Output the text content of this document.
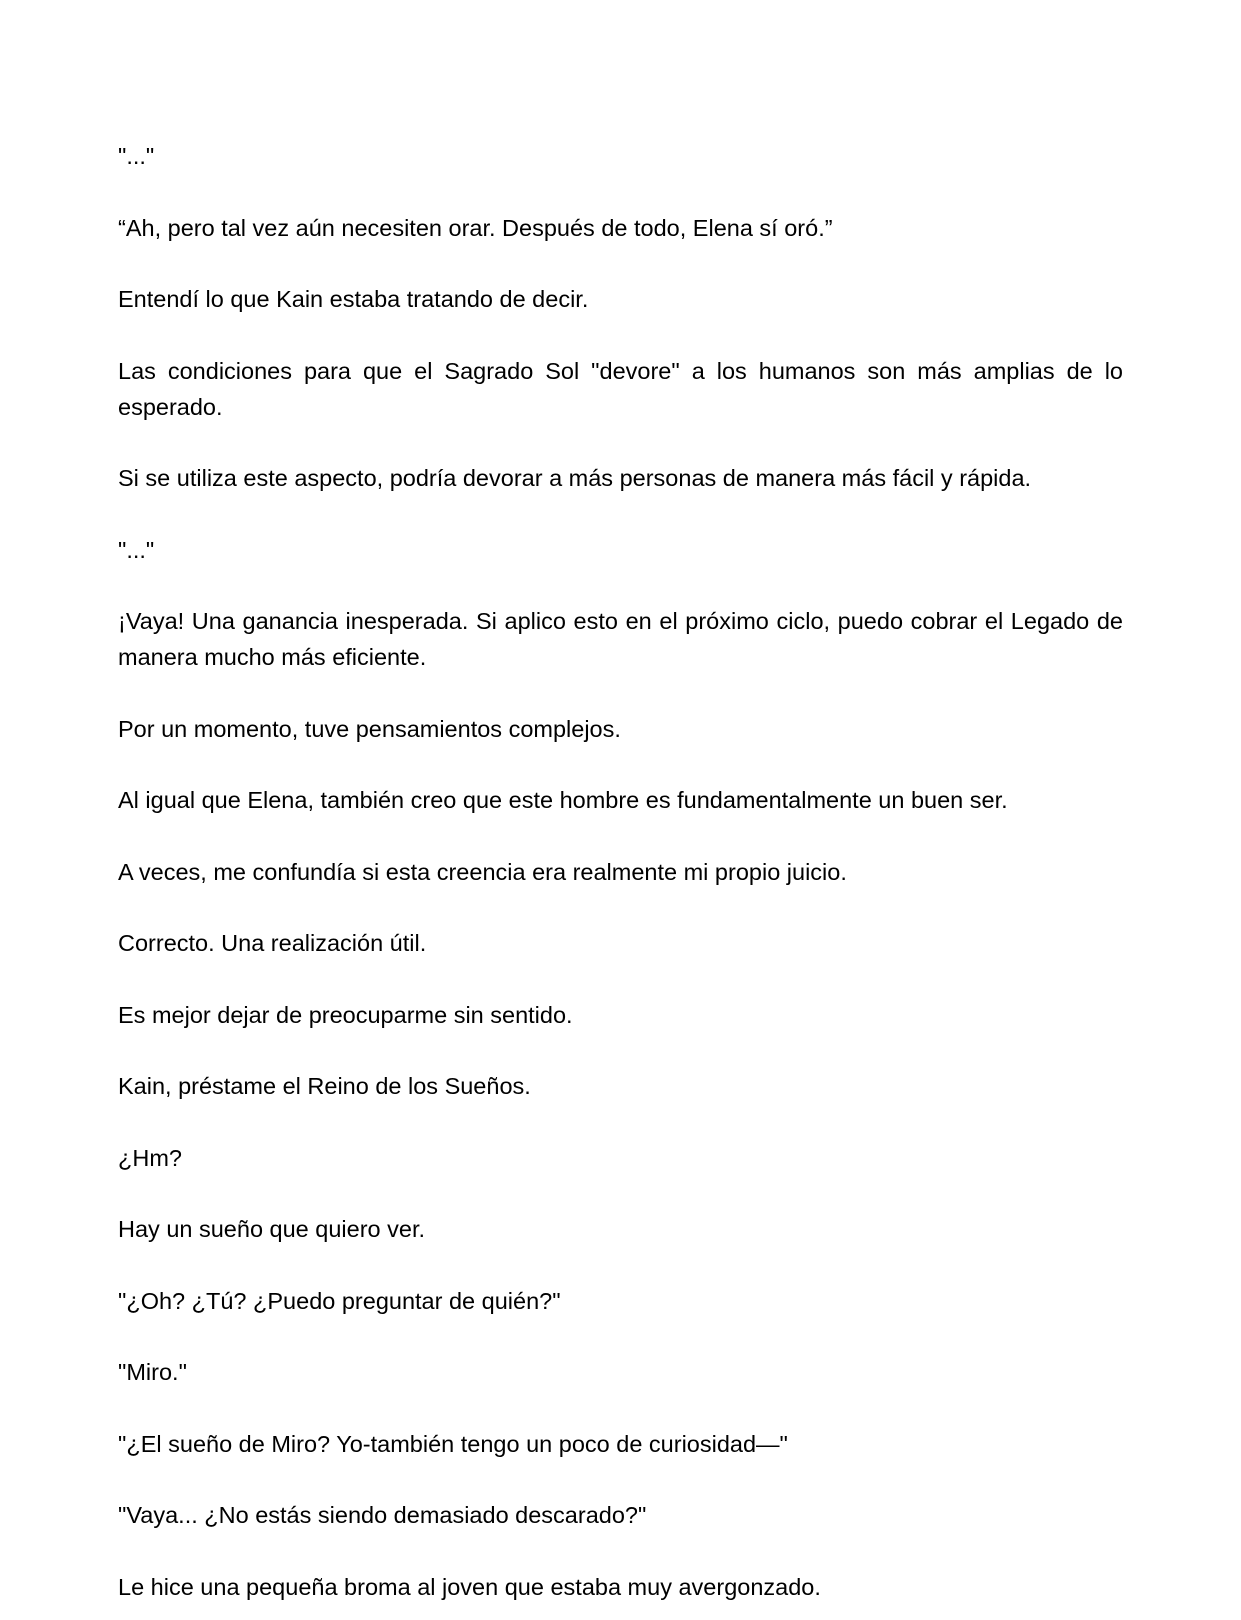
"..."

“Ah, pero tal vez aún necesiten orar. Después de todo, Elena sí oró.”

Entendí lo que Kain estaba tratando de decir.

Las condiciones para que el Sagrado Sol "devore" a los humanos son más amplias de lo esperado.

Si se utiliza este aspecto, podría devorar a más personas de manera más fácil y rápida.

"..."

¡Vaya! Una ganancia inesperada. Si aplico esto en el próximo ciclo, puedo cobrar el Legado de manera mucho más eficiente.

Por un momento, tuve pensamientos complejos.

Al igual que Elena, también creo que este hombre es fundamentalmente un buen ser.

A veces, me confundía si esta creencia era realmente mi propio juicio.

Correcto. Una realización útil.

Es mejor dejar de preocuparme sin sentido.

Kain, préstame el Reino de los Sueños.

¿Hm?

Hay un sueño que quiero ver.

"¿Oh? ¿Tú? ¿Puedo preguntar de quién?"

"Miro."

"¿El sueño de Miro? Yo-también tengo un poco de curiosidad—"

"Vaya... ¿No estás siendo demasiado descarado?"

Le hice una pequeña broma al joven que estaba muy avergonzado.
